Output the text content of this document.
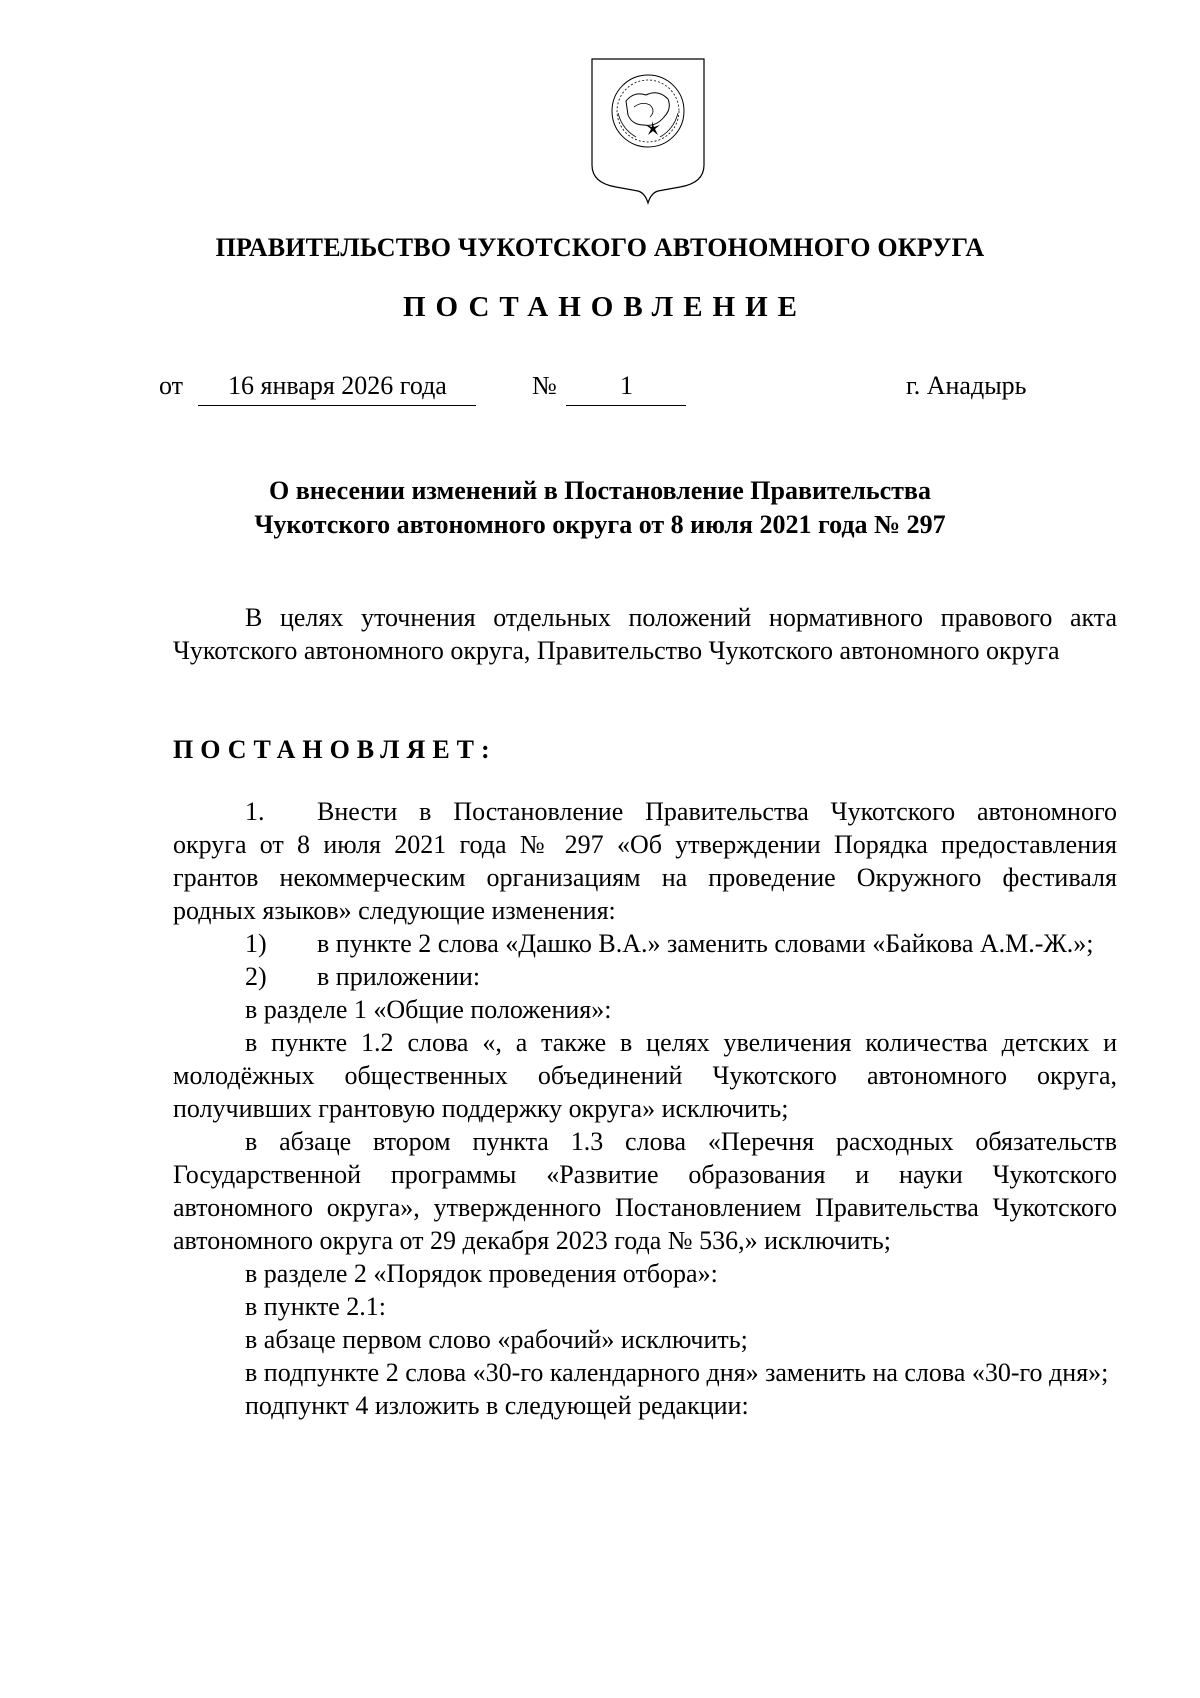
ПРАВИТЕЛЬСТВО ЧУКОТСКОГО АВТОНОМНОГО ОКРУГА
ПОСТАНОВЛЕНИЕ
от 16 января 2026 года	№ 1	г. Анадырь
О внесении изменений в Постановление Правительства
Чукотского автономного округа от 8 июля 2021 года № 297

В целях уточнения отдельных положений нормативного правового акта Чукотского автономного округа, Правительство Чукотского автономного округа

ПОСТАНОВЛЯЕТ:

1. Внести в Постановление Правительства Чукотского автономного округа от 8 июля 2021 года № 297 «Об утверждении Порядка предоставления грантов некоммерческим организациям на проведение Окружного фестиваля родных языков» следующие изменения:

1) в пункте 2 слова «Дашко В.А.» заменить словами «Байкова А.М.-Ж.»;

2) в приложении:

в разделе 1 «Общие положения»:

в пункте 1.2 слова «, а также в целях увеличения количества детских и молодёжных общественных объединений Чукотского автономного округа, получивших грантовую поддержку округа» исключить;

в абзаце втором пункта 1.3 слова «Перечня расходных обязательств Государственной программы «Развитие образования и науки Чукотского автономного округа», утвержденного Постановлением Правительства Чукотского автономного округа от 29 декабря 2023 года № 536,» исключить;

в разделе 2 «Порядок проведения отбора»:

в пункте 2.1:

в абзаце первом слово «рабочий» исключить;

в подпункте 2 слова «30-го календарного дня» заменить на слова «30-го дня»;

подпункт 4 изложить в следующей редакции:
